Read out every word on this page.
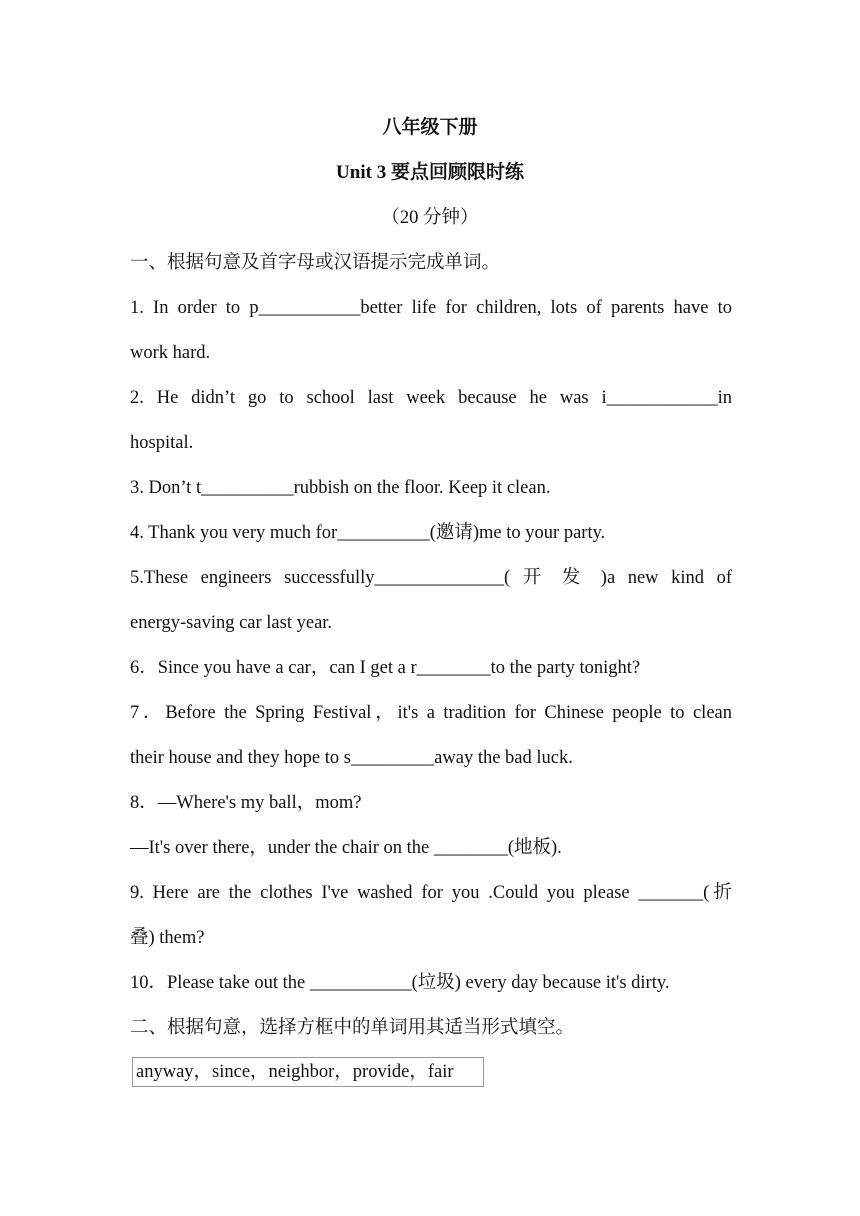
八年级下册
Unit 3 要点回顾限时练
（20 分钟）
一、根据句意及首字母或汉语提示完成单词。
1. In order to p___________better life for children, lots of parents have to
work hard.
2. He didn’t go to school last week because he was i____________in
hospital.
3. Don’t t__________rubbish on the floor. Keep it clean.
4. Thank you very much for__________(邀请)me to your party.
5.These engineers successfully______________( 开 发 )a new kind of
energy-saving car last year.
6．Since you have a car，can I get a r________to the party tonight?
7．Before the Spring Festival，it's a tradition for Chinese people to clean
their house and they hope to s_________away the bad luck.
8．—Where's my ball，mom?
—It's over there，under the chair on the ________(地板).
9. Here are the clothes I've washed for you .Could you please _______(折
叠) them?
10．Please take out the ___________(垃圾) every day because it's dirty.
二、根据句意，选择方框中的单词用其适当形式填空。
anyway，since，neighbor，provide，fair
